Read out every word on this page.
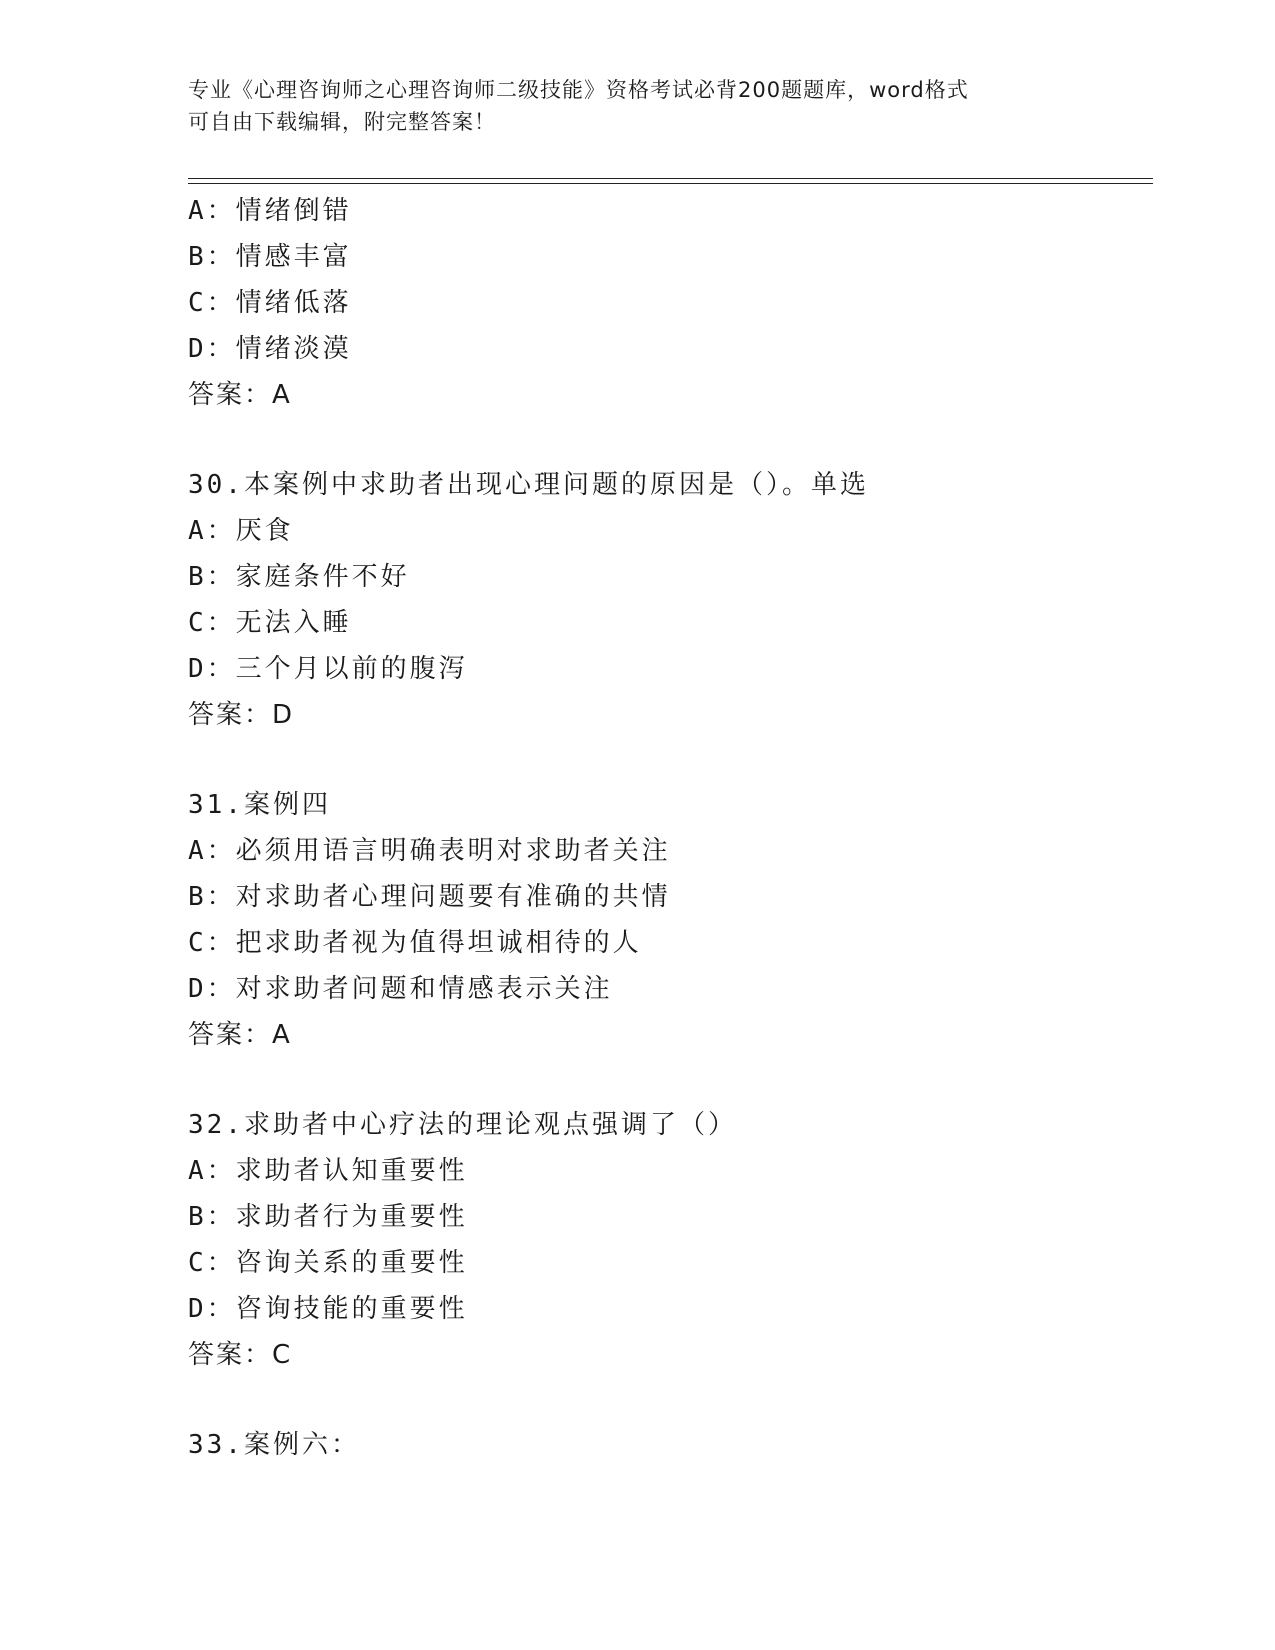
专业《心理咨询师之心理咨询师二级技能》资格考试必背200题题库，word格式
可自由下载编辑，附完整答案！
A：情绪倒错
B：情感丰富
C：情绪低落
D：情绪淡漠
答案：A
30.本案例中求助者出现心理问题的原因是（）。单选
A：厌食
B：家庭条件不好
C：无法入睡
D：三个月以前的腹泻
答案：D
31.案例四
A：必须用语言明确表明对求助者关注
B：对求助者心理问题要有准确的共情
C：把求助者视为值得坦诚相待的人
D：对求助者问题和情感表示关注
答案：A
32.求助者中心疗法的理论观点强调了（）
A：求助者认知重要性
B：求助者行为重要性
C：咨询关系的重要性
D：咨询技能的重要性
答案：C
33.案例六：
